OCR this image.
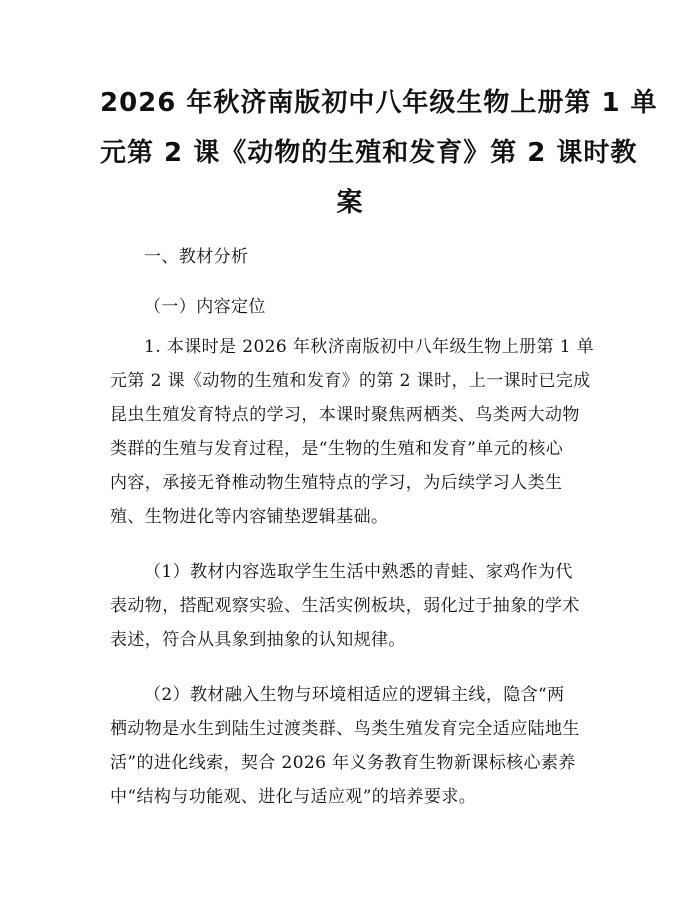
2026 年秋济南版初中八年级生物上册第 1 单
元第 2 课《动物的生殖和发育》第 2 课时教
案
一、教材分析
（一）内容定位
1. 本课时是 2026 年秋济南版初中八年级生物上册第 1 单
元第 2 课《动物的生殖和发育》的第 2 课时，上一课时已完成
昆虫生殖发育特点的学习，本课时聚焦两栖类、鸟类两大动物
类群的生殖与发育过程，是“生物的生殖和发育”单元的核心
内容，承接无脊椎动物生殖特点的学习，为后续学习人类生
殖、生物进化等内容铺垫逻辑基础。
（1）教材内容选取学生生活中熟悉的青蛙、家鸡作为代
表动物，搭配观察实验、生活实例板块，弱化过于抽象的学术
表述，符合从具象到抽象的认知规律。
（2）教材融入生物与环境相适应的逻辑主线，隐含“两
栖动物是水生到陆生过渡类群、鸟类生殖发育完全适应陆地生
活”的进化线索，契合 2026 年义务教育生物新课标核心素养
中“结构与功能观、进化与适应观”的培养要求。
